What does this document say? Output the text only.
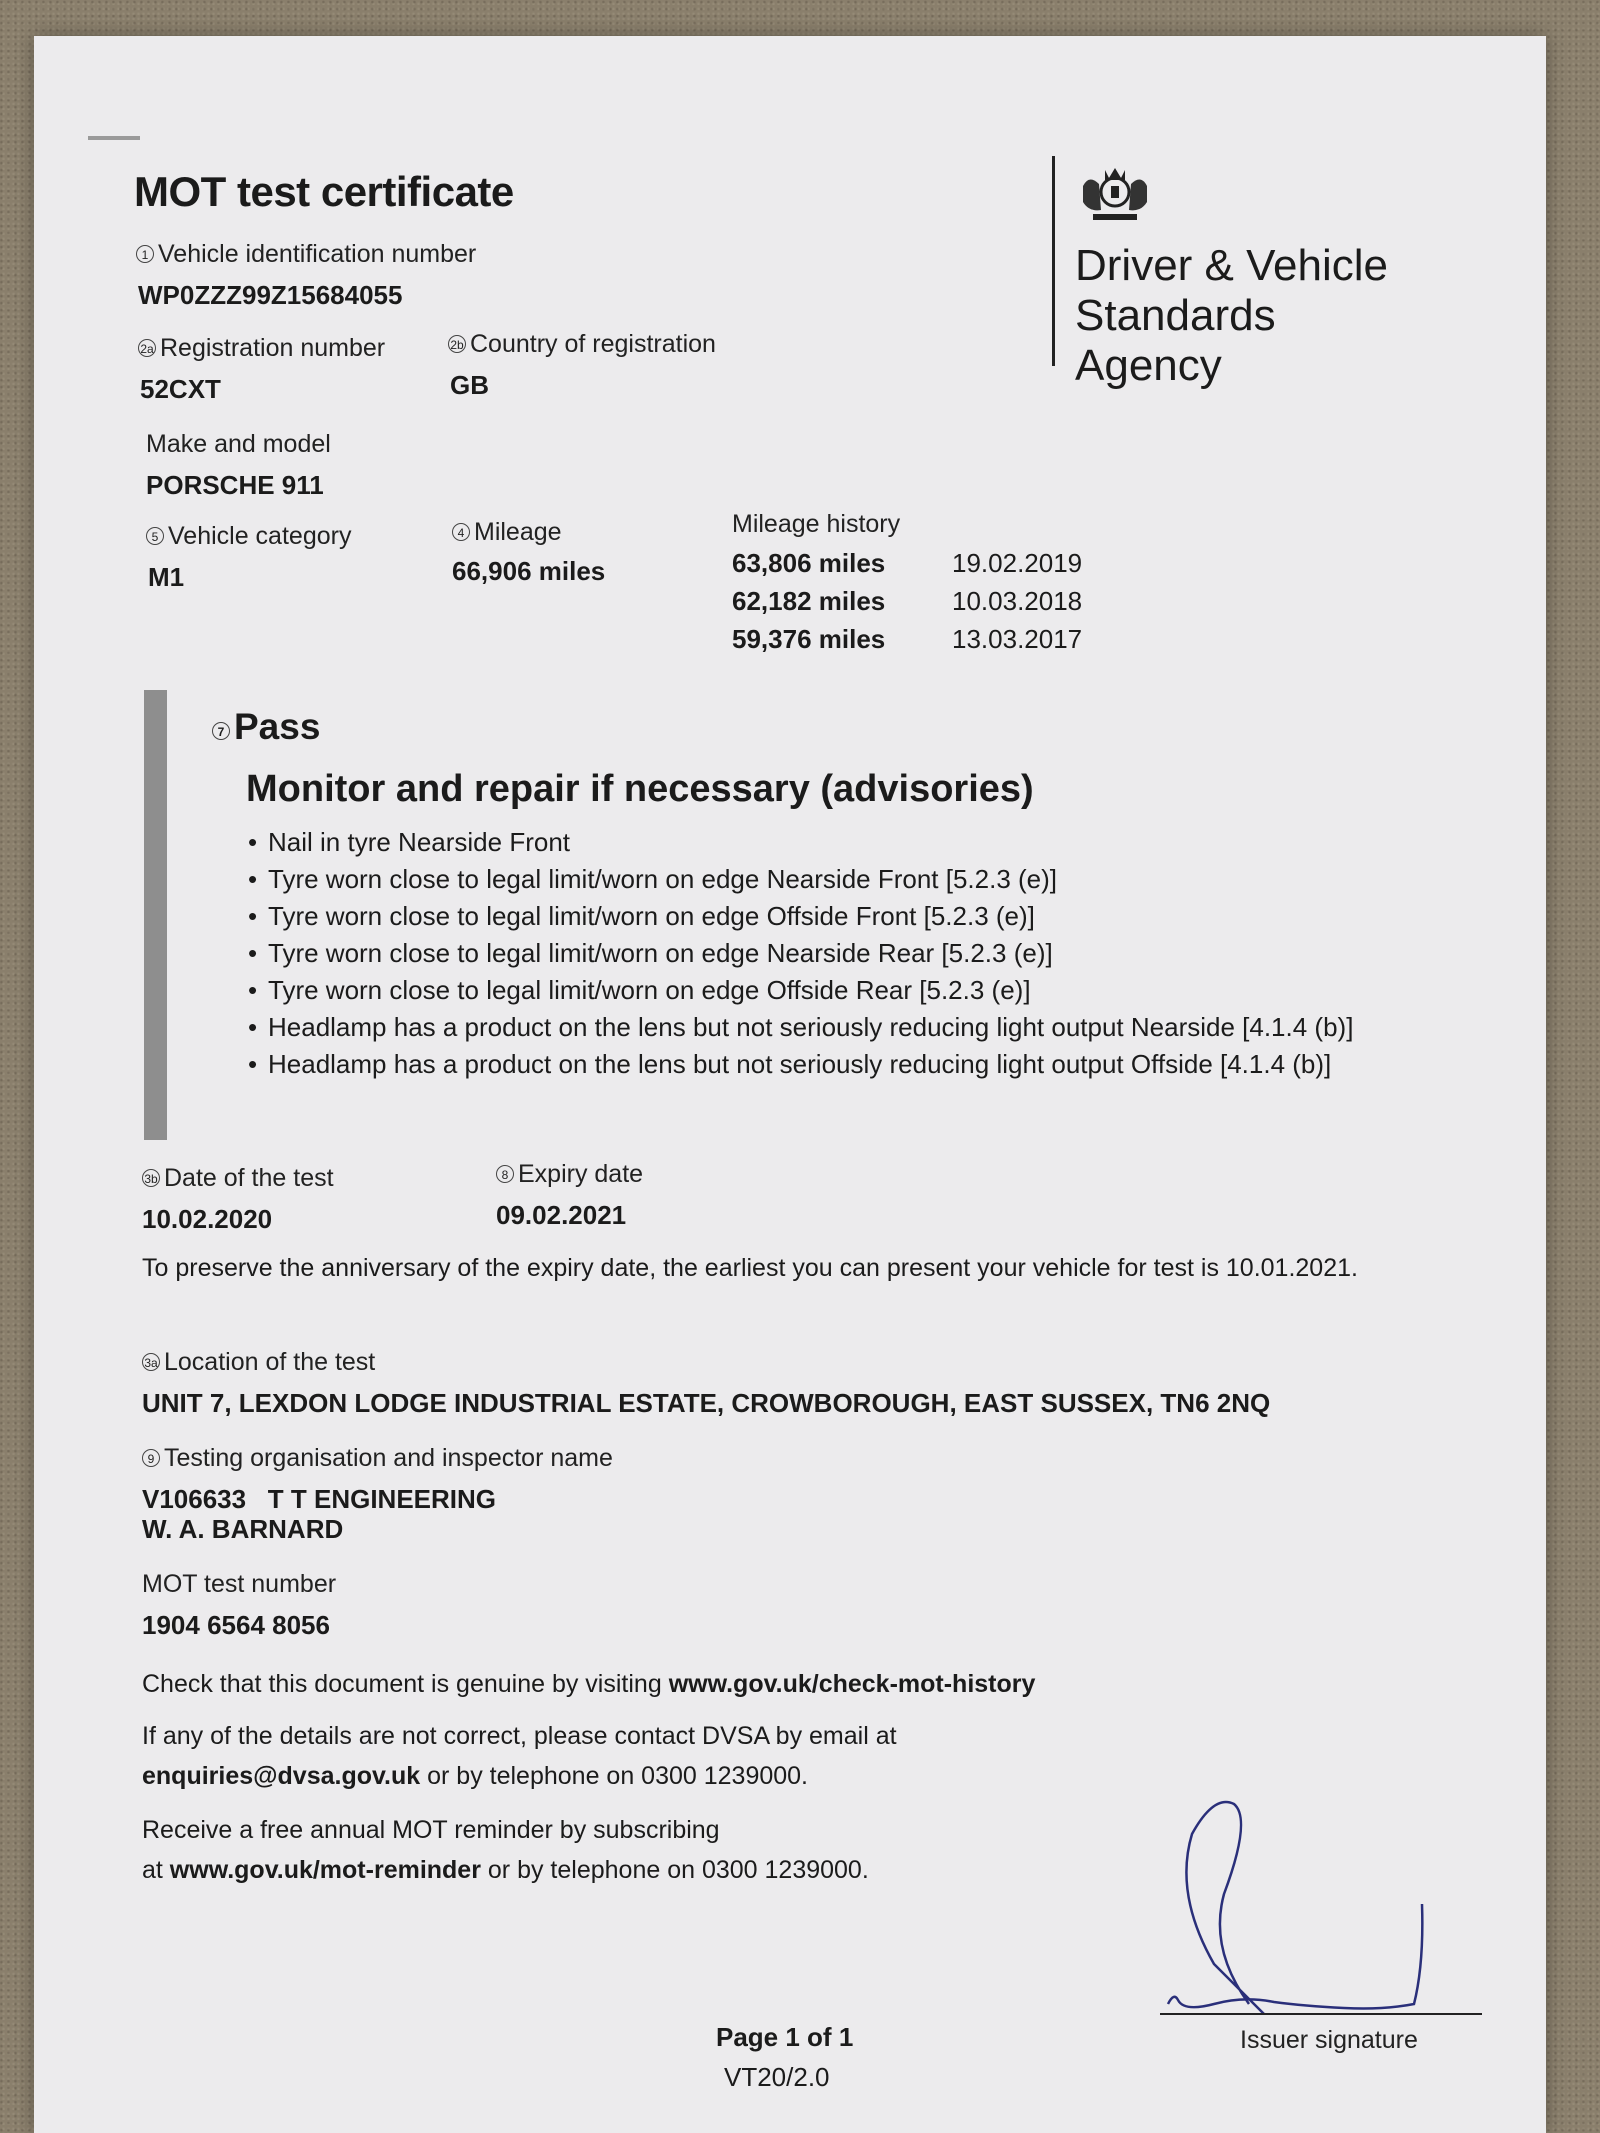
MOT test certificate
Driver & Vehicle
Standards
Agency
1 Vehicle identification number
WP0ZZZ99Z15684055
2a Registration number
52CXT
2b Country of registration
GB
Make and model
PORSCHE 911
5 Vehicle category
M1
4 Mileage
66,906 miles
Mileage history
63,806 miles	19.02.2019
62,182 miles	10.03.2018
59,376 miles	13.03.2017
7 Pass
Monitor and repair if necessary (advisories)
• Nail in tyre Nearside Front
• Tyre worn close to legal limit/worn on edge Nearside Front [5.2.3 (e)]
• Tyre worn close to legal limit/worn on edge Offside Front [5.2.3 (e)]
• Tyre worn close to legal limit/worn on edge Nearside Rear [5.2.3 (e)]
• Tyre worn close to legal limit/worn on edge Offside Rear [5.2.3 (e)]
• Headlamp has a product on the lens but not seriously reducing light output Nearside [4.1.4 (b)]
• Headlamp has a product on the lens but not seriously reducing light output Offside [4.1.4 (b)]
3b Date of the test
10.02.2020
8 Expiry date
09.02.2021
To preserve the anniversary of the expiry date, the earliest you can present your vehicle for test is 10.01.2021.
3a Location of the test
UNIT 7, LEXDON LODGE INDUSTRIAL ESTATE, CROWBOROUGH, EAST SUSSEX, TN6 2NQ
9 Testing organisation and inspector name
V106633   T T ENGINEERING
W. A. BARNARD
MOT test number
1904 6564 8056
Check that this document is genuine by visiting www.gov.uk/check-mot-history
If any of the details are not correct, please contact DVSA by email at
enquiries@dvsa.gov.uk or by telephone on 0300 1239000.
Receive a free annual MOT reminder by subscribing
at www.gov.uk/mot-reminder or by telephone on 0300 1239000.
Issuer signature
Page 1 of 1
VT20/2.0
